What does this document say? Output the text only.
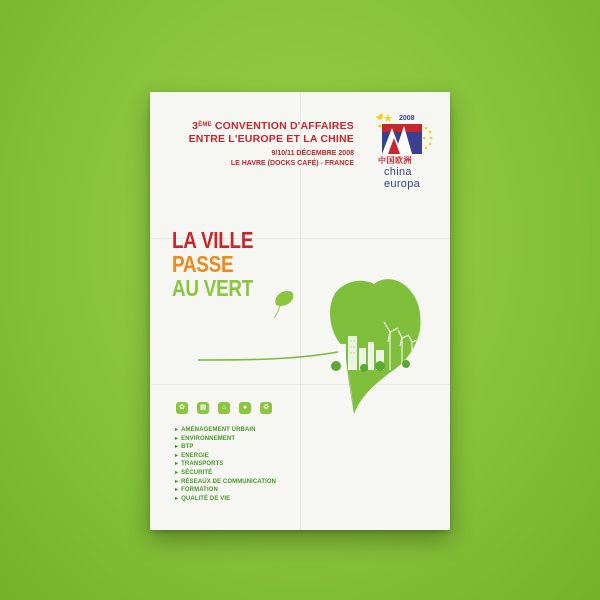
3ÈME CONVENTION D'AFFAIRES
ENTRE L'EUROPE ET LA CHINE
9/10/11 DÉCEMBRE 2008
LE HAVRE (DOCKS CAFÉ) - FRANCE
2008
中国欧洲
china
europa
LA VILLE
PASSE
AU VERT
✿	▦	⌂	●	♻
▸ AMÉNAGEMENT URBAIN
▸ ENVIRONNEMENT
▸ BTP
▸ ENERGIE
▸ TRANSPORTS
▸ SÉCURITÉ
▸ RÉSEAUX DE COMMUNICATION
▸ FORMATION
▸ QUALITÉ DE VIE
